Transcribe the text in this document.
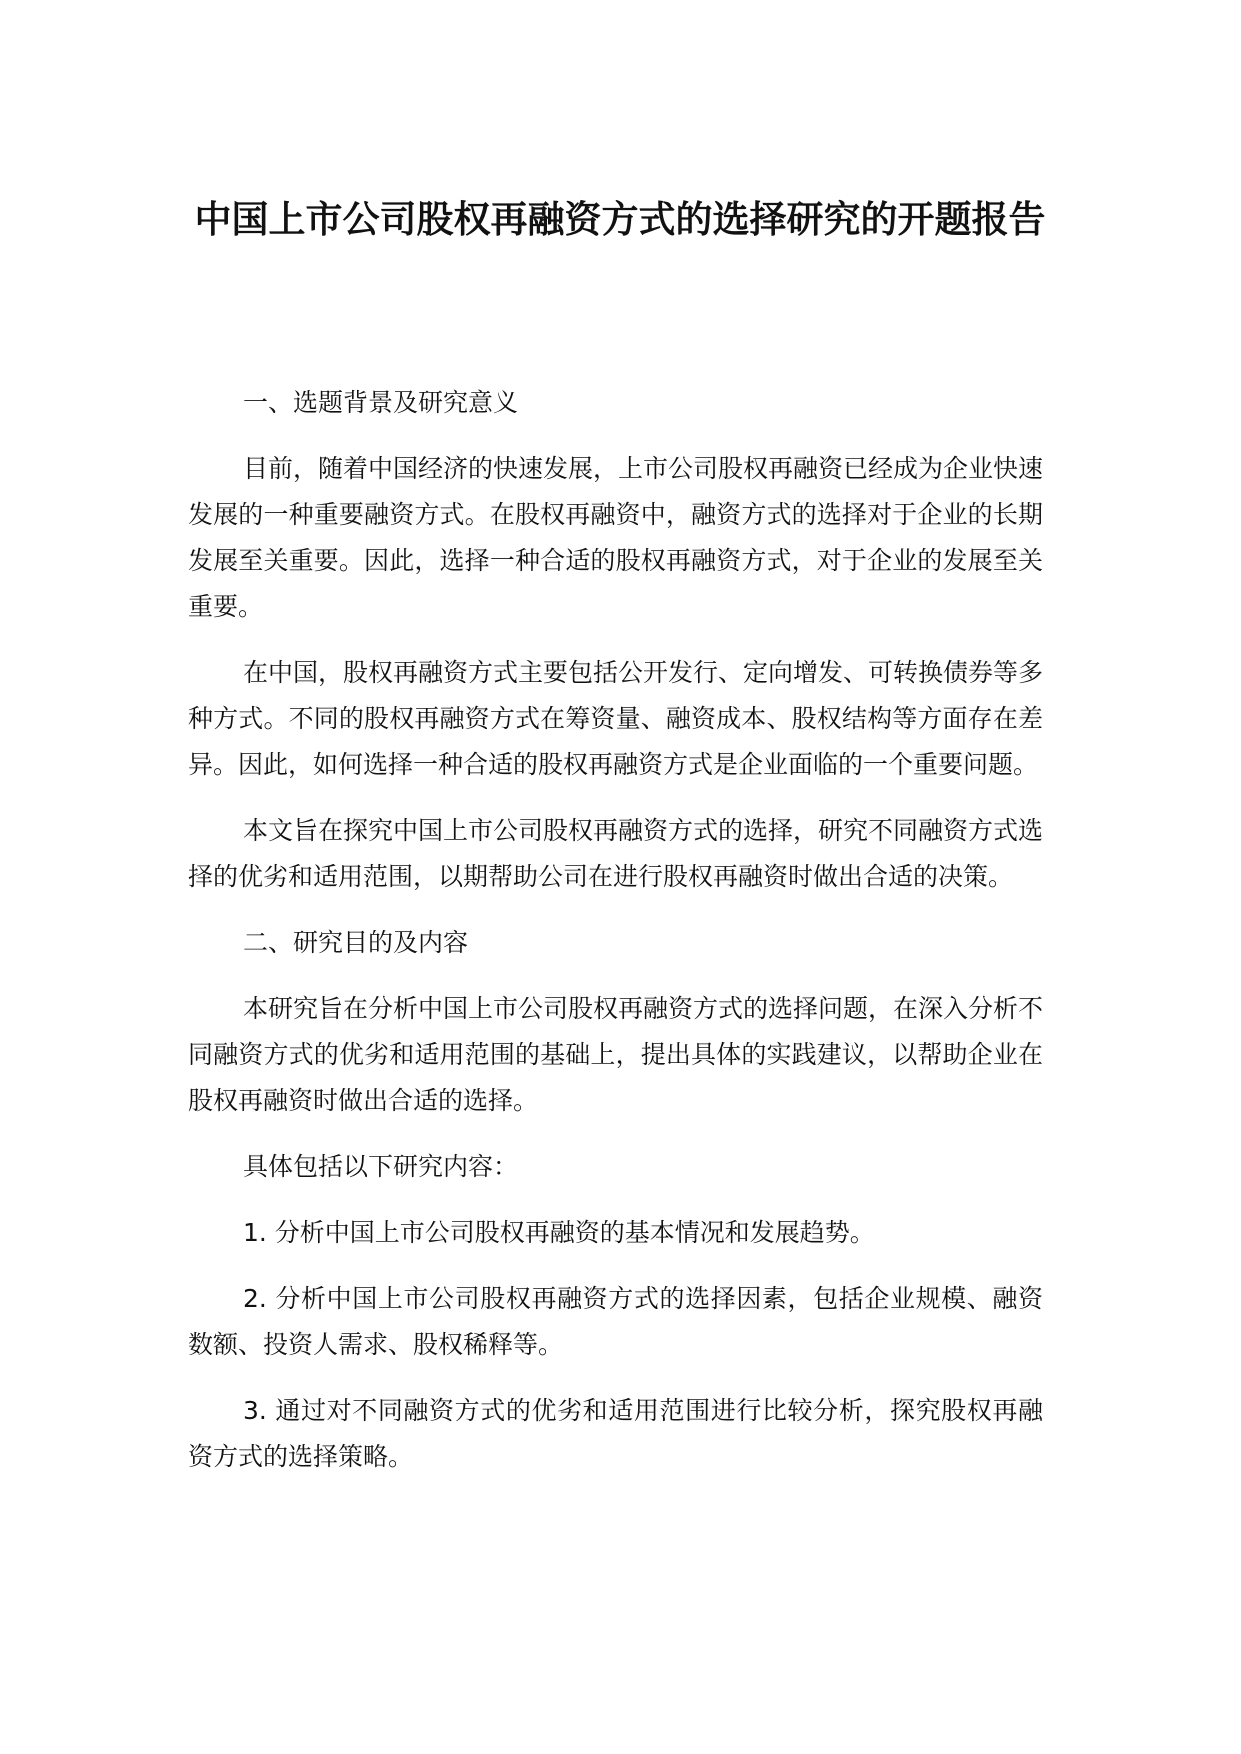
中国上市公司股权再融资方式的选择研究的开题报告

一、选题背景及研究意义

目前，随着中国经济的快速发展，上市公司股权再融资已经成为企业快速发展的一种重要融资方式。在股权再融资中，融资方式的选择对于企业的长期发展至关重要。因此，选择一种合适的股权再融资方式，对于企业的发展至关重要。

在中国，股权再融资方式主要包括公开发行、定向增发、可转换债券等多种方式。不同的股权再融资方式在筹资量、融资成本、股权结构等方面存在差异。因此，如何选择一种合适的股权再融资方式是企业面临的一个重要问题。

本文旨在探究中国上市公司股权再融资方式的选择，研究不同融资方式选择的优劣和适用范围，以期帮助公司在进行股权再融资时做出合适的决策。

二、研究目的及内容

本研究旨在分析中国上市公司股权再融资方式的选择问题，在深入分析不同融资方式的优劣和适用范围的基础上，提出具体的实践建议，以帮助企业在股权再融资时做出合适的选择。

具体包括以下研究内容：

1. 分析中国上市公司股权再融资的基本情况和发展趋势。

2. 分析中国上市公司股权再融资方式的选择因素，包括企业规模、融资数额、投资人需求、股权稀释等。

3. 通过对不同融资方式的优劣和适用范围进行比较分析，探究股权再融资方式的选择策略。
